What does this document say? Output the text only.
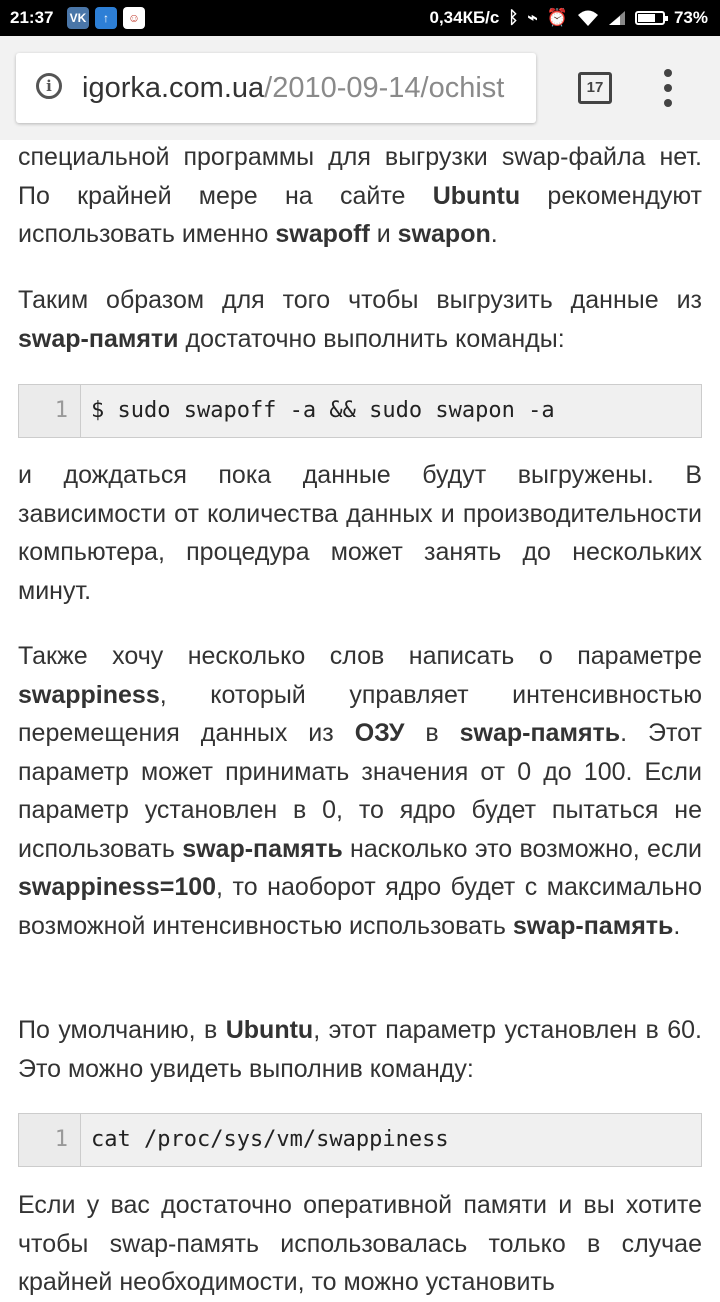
21:37 VK	↑	☺	0,34КБ/с ᛒ ⌁ ⏰	73%
i	igorka.com.ua/2010-09-14/ochist	17

специальной программы для выгрузки swap-файла нет. По крайней мере на сайте Ubuntu рекомендуют использовать именно swapoff и swapon.

Таким образом для того чтобы выгрузить данные из swap-памяти достаточно выполнить команды:

и дождаться пока данные будут выгружены. В зависимости от количества данных и производительности компьютера, процедура может занять до нескольких минут.

Также хочу несколько слов написать о параметре swappiness, который управляет интенсивностью перемещения данных из ОЗУ в swap-память. Этот параметр может принимать значения от 0 до 100. Если параметр установлен в 0, то ядро будет пытаться не использовать swap-память насколько это возможно, если swappiness=100, то наоборот ядро будет с максимально возможной интенсивностью использовать swap-память.

По умолчанию, в Ubuntu, этот параметр установлен в 60. Это можно увидеть выполнив команду:

Если у вас достаточно оперативной памяти и вы хотите чтобы swap-память использовалась только в случае крайней необходимости, то можно установить

1	$ sudo swapoff -a && sudo swapon -a
1	cat /proc/sys/vm/swappiness
